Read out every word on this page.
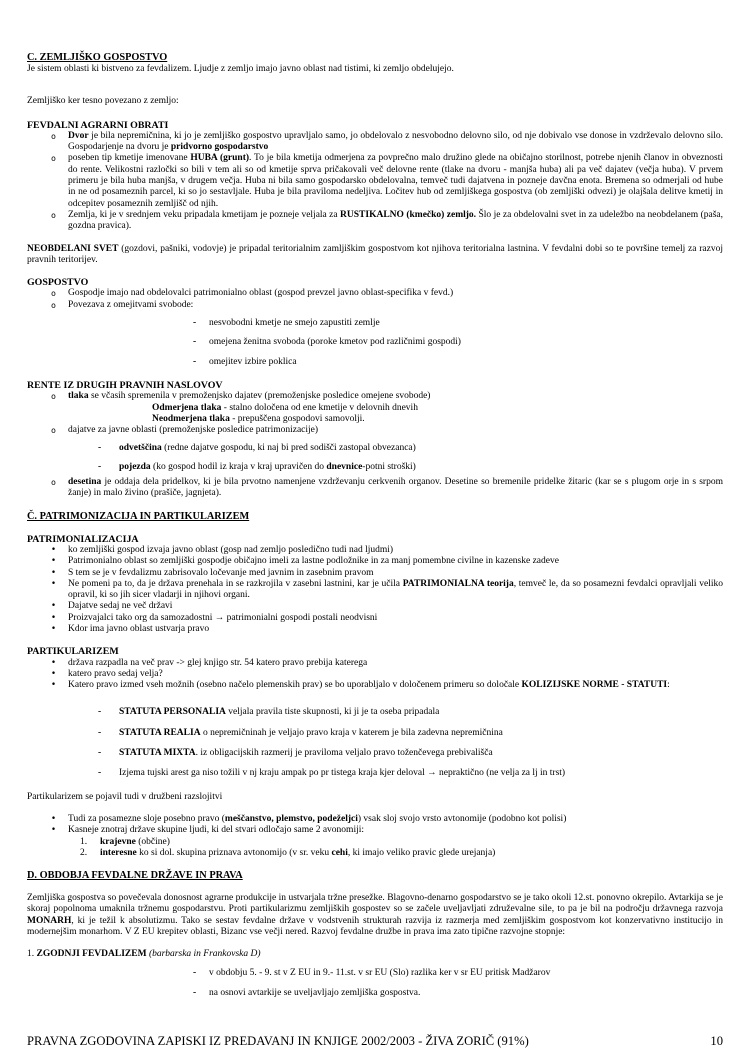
C. ZEMLJIŠKO GOSPOSTVO
Je sistem oblasti ki bistveno za fevdalizem. Ljudje z zemljo imajo javno oblast nad tistimi, ki zemljo obdelujejo.
Zemljiško ker tesno povezano z zemljo:
FEVDALNI AGRARNI OBRATI
o Dvor je bila nepremičnina, ki jo je zemljiško gospostvo upravljalo samo, jo obdelovalo z nesvobodno delovno silo, od nje dobivalo vse donose in vzdrževalo delovno silo. Gospodarjenje na dvoru je pridvorno gospodarstvo
o poseben tip kmetije imenovane HUBA (grunt). To je bila kmetija odmerjena za povprečno malo družino glede na običajno storilnost, potrebe njenih članov in obveznosti do rente. Velikostni razločki so bili v tem ali so od kmetije sprva pričakovali več delovne rente (tlake na dvoru - manjša huba) ali pa več dajatev (večja huba). V prvem primeru je bila huba manjša, v drugem večja. Huba ni bila samo gospodarsko obdelovalna, temveč tudi dajatvena in pozneje davčna enota. Bremena so odmerjali od hube in ne od posameznih parcel, ki so jo sestavljale. Huba je bila praviloma nedeljiva. Ločitev hub od zemljiškega gospostva (ob zemljiški odvezi) je olajšala delitve kmetij in odcepitev posameznih zemljišč od njih.
o Zemlja, ki je v srednjem veku pripadala kmetijam je pozneje veljala za RUSTIKALNO (kmečko) zemljo. Šlo je za obdelovalni svet in za udeležbo na neobdelanem (paša, gozdna pravica).
NEOBDELANI SVET (gozdovi, pašniki, vodovje) je pripadal teritorialnim zamljiškim gospostvom kot njihova teritorialna lastnina. V fevdalni dobi so te površine temelj za razvoj pravnih teritorijev.
GOSPOSTVO
o Gospodje imajo nad obdelovalci patrimonialno oblast (gospod prevzel javno oblast-specifika v fevd.)
o Povezava z omejitvami svobode:
- nesvobodni kmetje ne smejo zapustiti zemlje
- omejena ženitna svoboda (poroke kmetov pod različnimi gospodi)
- omejitev izbire poklica
RENTE IZ DRUGIH PRAVNIH NASLOVOV
o tlaka se včasih spremenila v premoženjsko dajatev (premoženjske posledice omejene svobode)
Odmerjena tlaka - stalno določena od ene kmetije v delovnih dnevih
Neodmerjena tlaka - prepuščena gospodovi samovolji.
o dajatve za javne oblasti (premoženjske posledice patrimonizacije)
- odvetščina (redne dajatve gospodu, ki naj bi pred sodišči zastopal obvezanca)
- pojezda (ko gospod hodil iz kraja v kraj upravičen do dnevnice-potni stroški)
o desetina je oddaja dela pridelkov, ki je bila prvotno namenjene vzdrževanju cerkvenih organov. Desetine so bremenile pridelke žitaric (kar se s plugom orje in s srpom žanje) in malo živino (prašiče, jagnjeta).
Č. PATRIMONIZACIJA IN PARTIKULARIZEM
PATRIMONIALIZACIJA
• ko zemljiški gospod izvaja javno oblast (gosp nad zemljo posledično tudi nad ljudmi)
• Patrimonialno oblast so zemljiški gospodje običajno imeli za lastne podložnike in za manj pomembne civilne in kazenske zadeve
• S tem se je v fevdalizmu zabrisovalo ločevanje med javnim in zasebnim pravom
• Ne pomeni pa to, da je država prenehala in se razkrojila v zasebni lastnini, kar je učila PATRIMONIALNA teorija, temveč le, da so posamezni fevdalci opravljali veliko opravil, ki so jih sicer vladarji in njihovi organi.
• Dajatve sedaj ne več državi
• Proizvajalci tako org da samozadostni → patrimonialni gospodi postali neodvisni
• Kdor ima javno oblast ustvarja pravo
PARTIKULARIZEM
• država razpadla na več prav -> glej knjigo str. 54 katero pravo prebija katerega
• katero pravo sedaj velja?
• Katero pravo izmed vseh možnih (osebno načelo plemenskih prav) se bo uporabljalo v določenem primeru so določale KOLIZIJSKE NORME - STATUTI:
- STATUTA PERSONALIA veljala pravila tiste skupnosti, ki ji je ta oseba pripadala
- STATUTA REALIA o nepremičninah je veljajo pravo kraja v katerem je bila zadevna nepremičnina
- STATUTA MIXTA. iz obligacijskih razmerij je praviloma veljalo pravo toženčevega prebivališča
- Izjema tujski arest ga niso tožili v nj kraju ampak po pr tistega kraja kjer deloval → nepraktično (ne velja za lj in trst)
Partikularizem se pojavil tudi v družbeni razslojitvi
• Tudi za posamezne sloje posebno pravo (meščanstvo, plemstvo, podeželjci) vsak sloj svojo vrsto avtonomije (podobno kot polisi)
• Kasneje znotraj države skupine ljudi, ki del stvari odločajo same 2 avonomiji:
1. krajevne (občine)
2. interesne ko si dol. skupina priznava avtonomijo (v sr. veku cehi, ki imajo veliko pravic glede urejanja)
D. OBDOBJA FEVDALNE DRŽAVE IN PRAVA
Zemljiška gospostva so povečevala donosnost agrarne produkcije in ustvarjala tržne presežke. Blagovno-denarno gospodarstvo se je tako okoli 12.st. ponovno okrepilo. Avtarkija se je skoraj popolnoma umaknila tržnemu gospodarstvu. Proti partikularizmu zemljiških gospostev so se začele uveljavljati združevalne sile, to pa je bil na področju državnega razvoja MONARH, ki je težil k absolutizmu. Tako se sestav fevdalne države v vodstvenih strukturah razvija iz razmerja med zemljiškim gospostvom kot konzervativno institucijo in modernejšim monarhom. V Z EU krepitev oblasti, Bizanc vse večji nered. Razvoj fevdalne družbe in prava ima zato tipične razvojne stopnje:
1. ZGODNJI FEVDALIZEM (barbarska in Frankovska D)
- v obdobju 5. - 9. st v Z EU in 9.- 11.st. v sr EU (Slo) razlika ker v sr EU pritisk Madžarov
- na osnovi avtarkije se uveljavljajo zemljiška gospostva.
PRAVNA ZGODOVINA ZAPISKI IZ PREDAVANJ IN KNJIGE 2002/2003 - ŽIVA ZORIČ (91%)	10
